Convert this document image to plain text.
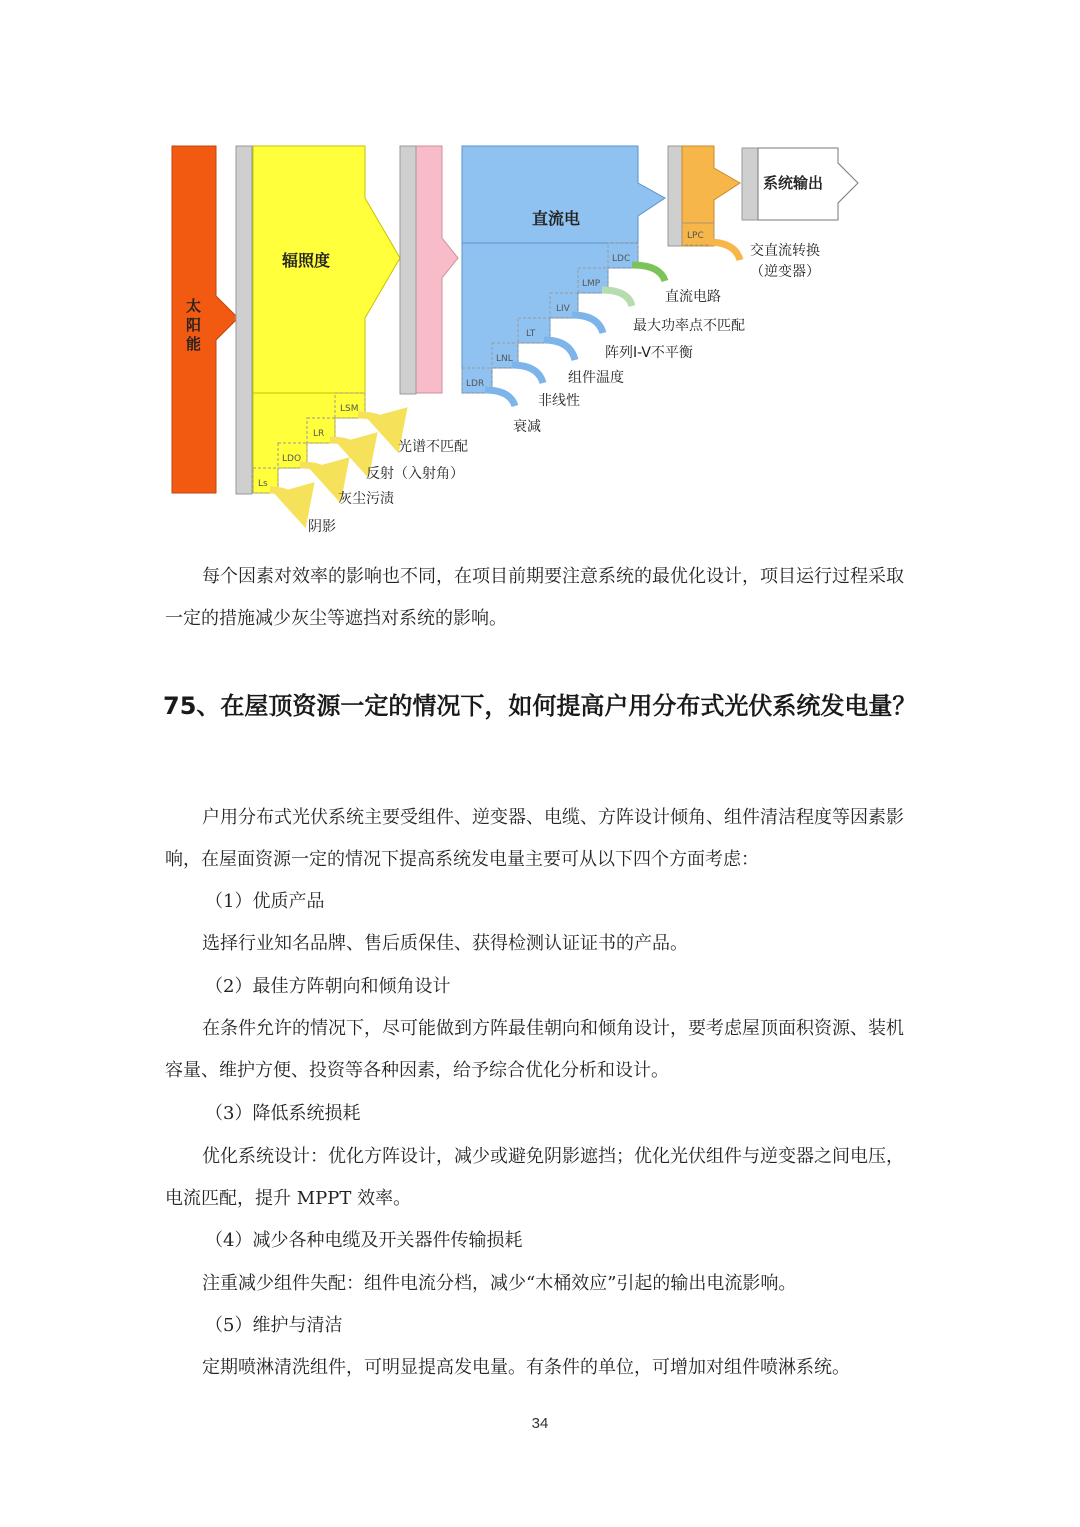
太阳能
辐照度
Ls
LDO
LR
LSM
阴影
灰尘污渍
反射（入射角）
光谱不匹配
直流电
LDR
LNL
LT
LIV
LMP
LDC
衰减
非线性
组件温度
阵列I-V不平衡
最大功率点不匹配
直流电路
LPC
交直流转换
（逆变器）
系统输出

每个因素对效率的影响也不同，在项目前期要注意系统的最优化设计，项目运行过程采取一定的措施减少灰尘等遮挡对系统的影响。

75、在屋顶资源一定的情况下，如何提高户用分布式光伏系统发电量？

户用分布式光伏系统主要受组件、逆变器、电缆、方阵设计倾角、组件清洁程度等因素影响，在屋面资源一定的情况下提高系统发电量主要可从以下四个方面考虑：

（1）优质产品

选择行业知名品牌、售后质保佳、获得检测认证证书的产品。

（2）最佳方阵朝向和倾角设计

在条件允许的情况下，尽可能做到方阵最佳朝向和倾角设计，要考虑屋顶面积资源、装机容量、维护方便、投资等各种因素，给予综合优化分析和设计。

（3）降低系统损耗

优化系统设计：优化方阵设计，减少或避免阴影遮挡；优化光伏组件与逆变器之间电压，电流匹配，提升 MPPT 效率。

（4）减少各种电缆及开关器件传输损耗

注重减少组件失配：组件电流分档，减少“木桶效应”引起的输出电流影响。

（5）维护与清洁

定期喷淋清洗组件，可明显提高发电量。有条件的单位，可增加对组件喷淋系统。

34
